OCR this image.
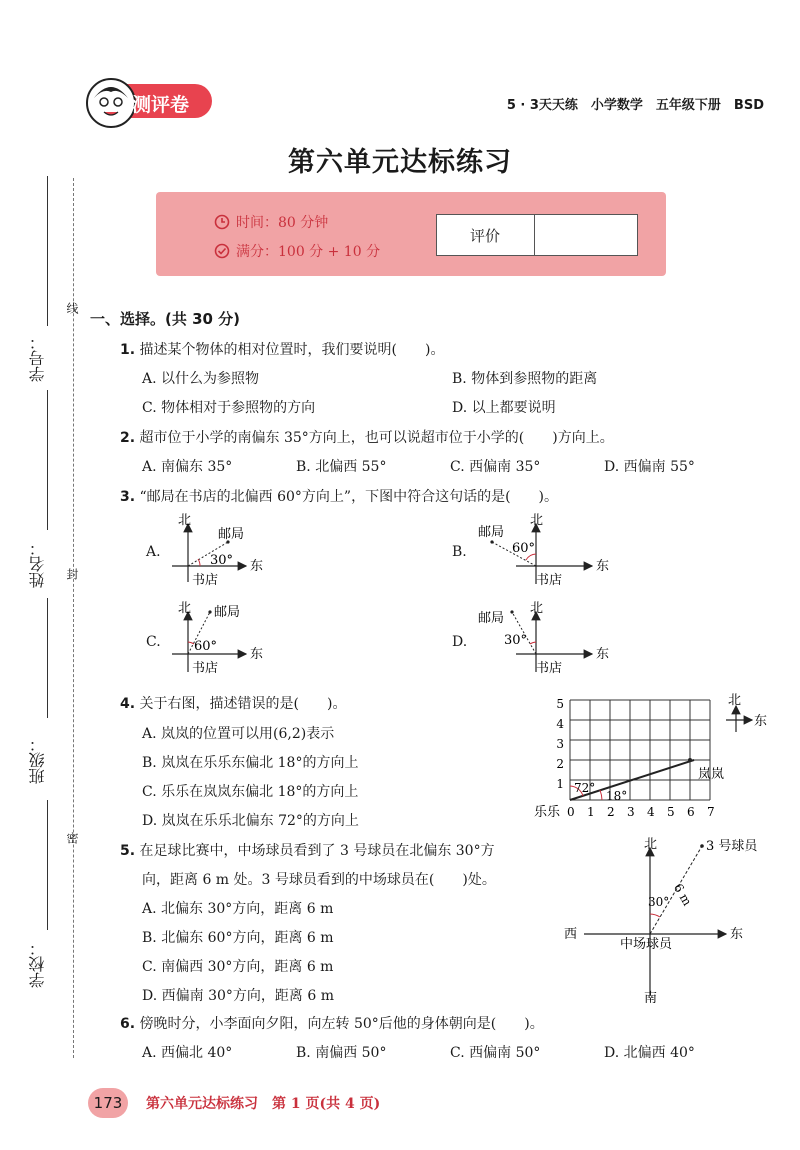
测评卷	5 · 3天天练　小学数学　五年级下册　BSD
第六单元达标练习
时间：80 分钟
满分：100 分 + 10 分
评价
学号：
姓名：
班级：
学校：
线
封
密
一、选择。(共 30 分)
1. 描述某个物体的相对位置时，我们要说明(　　)。
A. 以什么为参照物	B. 物体到参照物的距离
C. 物体相对于参照物的方向	D. 以上都要说明
2. 超市位于小学的南偏东 35°方向上，也可以说超市位于小学的(　　)方向上。
A. 南偏东 35°	B. 北偏西 55°	C. 西偏南 35°	D. 西偏南 55°
3. “邮局在书店的北偏西 60°方向上”，下图中符合这句话的是(　　)。
A.	B.
C.	D.
北
东
邮局
书店
30°
北
东
邮局
书店
60°
北
东
邮局
书店
60°
北
东
邮局
书店
30°
4. 关于右图，描述错误的是(　　)。
A. 岚岚的位置可以用(6,2)表示
B. 岚岚在乐乐东偏北 18°的方向上
C. 乐乐在岚岚东偏北 18°的方向上
D. 岚岚在乐乐北偏东 72°的方向上
72°
18°
岚岚
乐乐
5
4
3
2
1
0 1 2 3 4 5 6 7
北
东
5. 在足球比赛中，中场球员看到了 3 号球员在北偏东 30°方
向，距离 6 m 处。3 号球员看到的中场球员在(　　)处。
A. 北偏东 30°方向，距离 6 m
B. 北偏东 60°方向，距离 6 m
C. 南偏西 30°方向，距离 6 m
D. 西偏南 30°方向，距离 6 m
北
南
东
西
中场球员
3 号球员
30° 6 m
6. 傍晚时分，小李面向夕阳，向左转 50°后他的身体朝向是(　　)。
A. 西偏北 40°	B. 南偏西 50°	C. 西偏南 50°	D. 北偏西 40°
173	第六单元达标练习　第 1 页(共 4 页)
